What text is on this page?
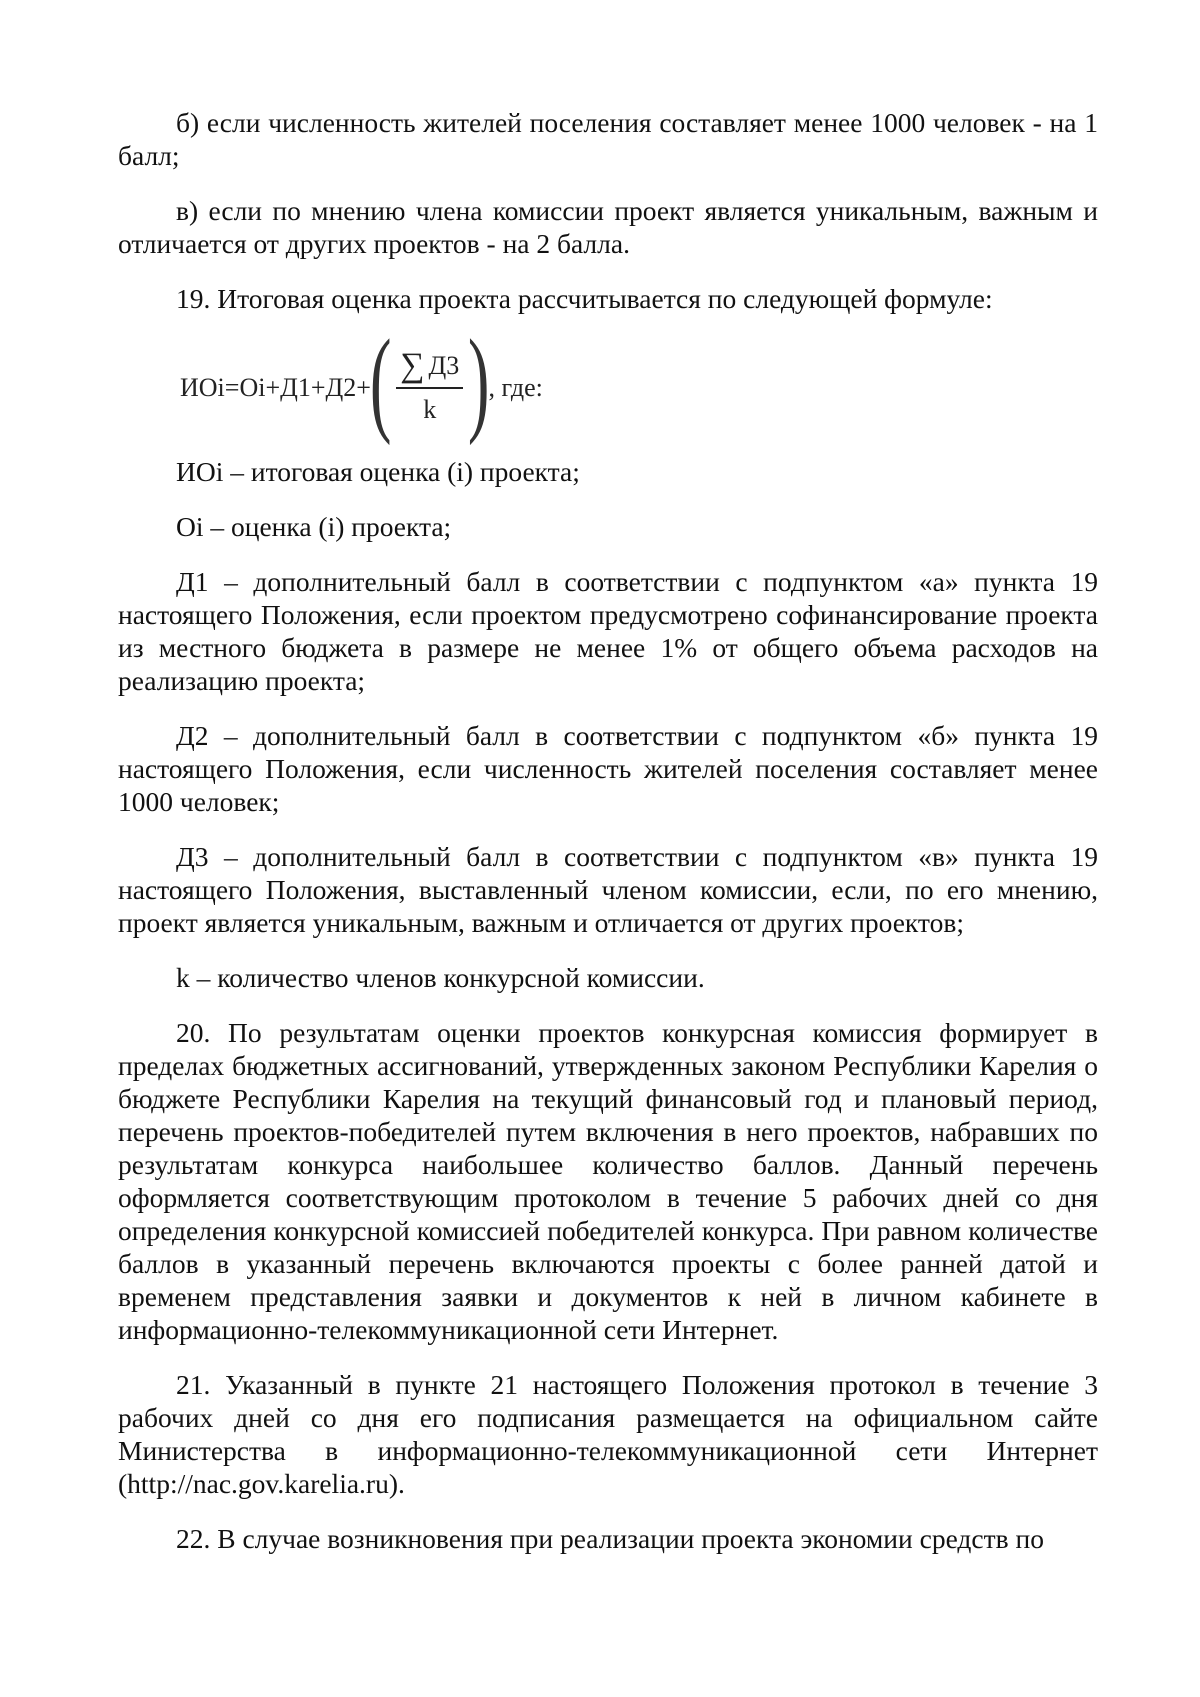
б) если численность жителей поселения составляет менее 1000 человек - на 1 балл;

в) если по мнению члена комиссии проект является уникальным, важным и отличается от других проектов - на 2 балла.

19. Итоговая оценка проекта рассчитывается по следующей формуле:

ИОi=Oi+Д1+Д2+
( $\frac{\sum Д3}{k}$ )
, где:

ИОi – итоговая оценка (i) проекта;

Оi – оценка (i) проекта;

Д1 – дополнительный балл в соответствии с подпунктом «а» пункта 19 настоящего Положения, если проектом предусмотрено софинансирование проекта из местного бюджета в размере не менее 1% от общего объема расходов на реализацию проекта;

Д2 – дополнительный балл в соответствии с подпунктом «б» пункта 19 настоящего Положения, если численность жителей поселения составляет менее 1000 человек;

Д3 – дополнительный балл в соответствии с подпунктом «в» пункта 19 настоящего Положения, выставленный членом комиссии, если, по его мнению, проект является уникальным, важным и отличается от других проектов;

k – количество членов конкурсной комиссии.

20. По результатам оценки проектов конкурсная комиссия формирует в пределах бюджетных ассигнований, утвержденных законом Республики Карелия о бюджете Республики Карелия на текущий финансовый год и плановый период, перечень проектов-победителей путем включения в него проектов, набравших по результатам конкурса наибольшее количество баллов. Данный перечень оформляется соответствующим протоколом в течение 5 рабочих дней со дня определения конкурсной комиссией победителей конкурса. При равном количестве баллов в указанный перечень включаются проекты с более ранней датой и временем представления заявки и документов к ней в личном кабинете в информационно-телекоммуникационной сети Интернет.

21. Указанный в пункте 21 настоящего Положения протокол в течение 3 рабочих дней со дня его подписания размещается на официальном сайте Министерства в информационно-телекоммуникационной сети Интернет (http://nac.gov.karelia.ru).

22. В случае возникновения при реализации проекта экономии средств по
